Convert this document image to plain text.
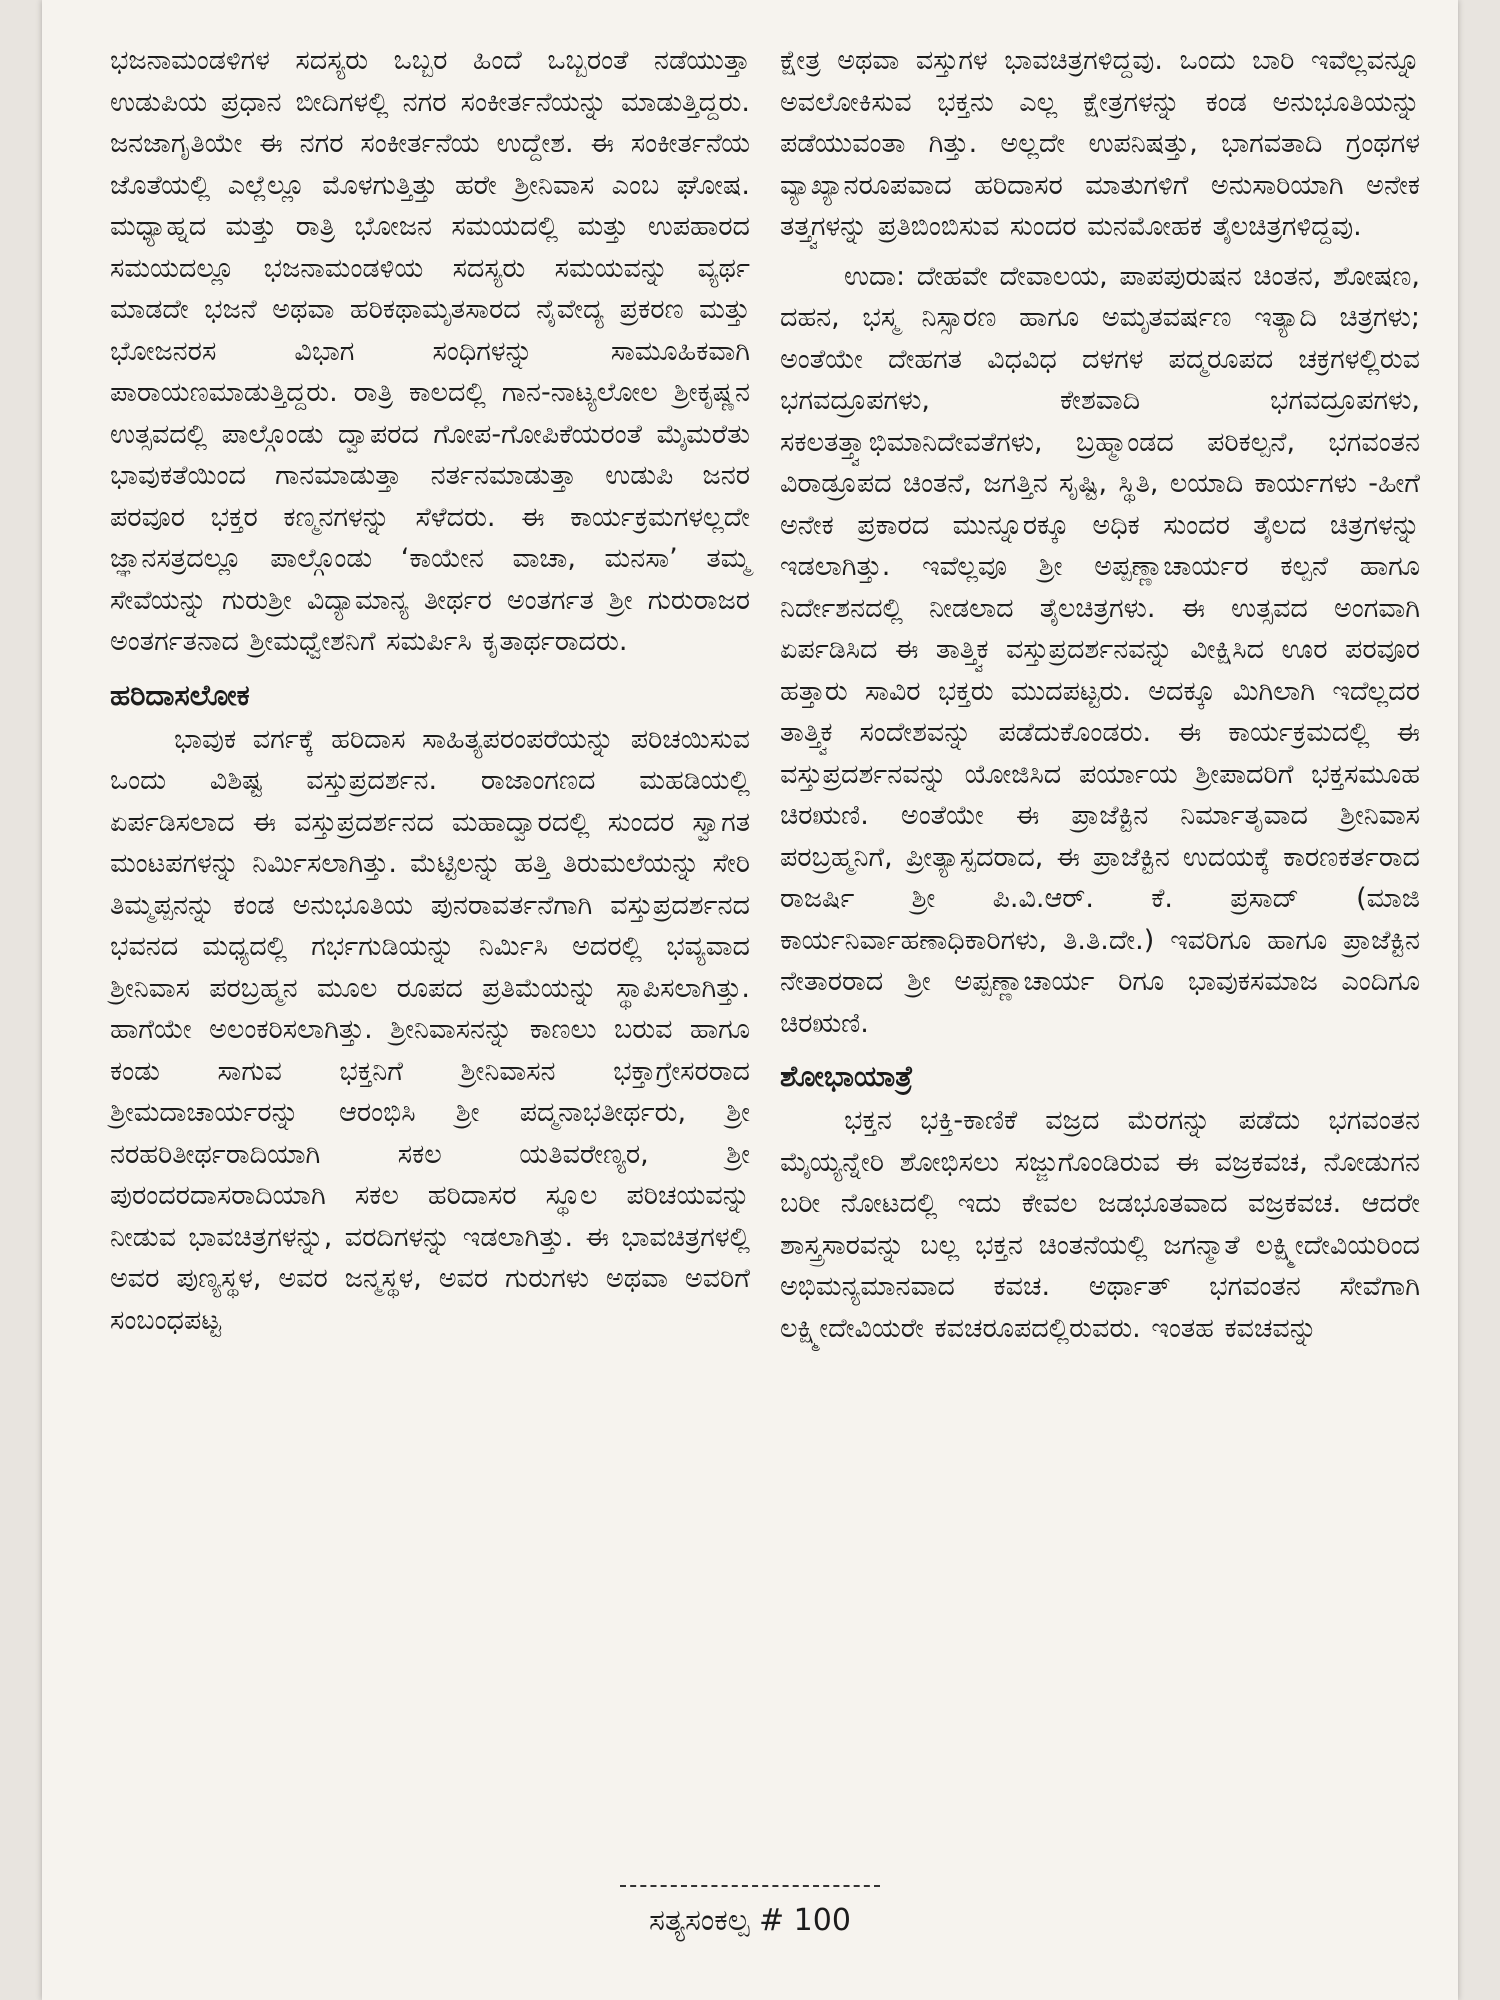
ಭಜನಾಮಂಡಳಿಗಳ ಸದಸ್ಯರು ಒಬ್ಬರ ಹಿಂದೆ ಒಬ್ಬರಂತೆ ನಡೆಯುತ್ತಾ ಉಡುಪಿಯ ಪ್ರಧಾನ ಬೀದಿಗಳಲ್ಲಿ ನಗರ ಸಂಕೀರ್ತನೆಯನ್ನು ಮಾಡುತ್ತಿದ್ದರು. ಜನಜಾಗೃತಿಯೇ ಈ ನಗರ ಸಂಕೀರ್ತನೆಯ ಉದ್ದೇಶ. ಈ ಸಂಕೀರ್ತನೆಯ ಜೊತೆಯಲ್ಲಿ ಎಲ್ಲೆಲ್ಲೂ ಮೊಳಗುತ್ತಿತ್ತು ಹರೇ ಶ್ರೀನಿವಾಸ ಎಂಬ ಘೋಷ. ಮಧ್ಯಾಹ್ನದ ಮತ್ತು ರಾತ್ರಿ ಭೋಜನ ಸಮಯದಲ್ಲಿ ಮತ್ತು ಉಪಹಾರದ ಸಮಯದಲ್ಲೂ ಭಜನಾಮಂಡಳಿಯ ಸದಸ್ಯರು ಸಮಯವನ್ನು ವ್ಯರ್ಥ ಮಾಡದೇ ಭಜನೆ ಅಥವಾ ಹರಿಕಥಾಮೃತಸಾರದ ನೈವೇದ್ಯ ಪ್ರಕರಣ ಮತ್ತು ಭೋಜನರಸ ವಿಭಾಗ ಸಂಧಿಗಳನ್ನು ಸಾಮೂಹಿಕವಾಗಿ ಪಾರಾಯಣಮಾಡುತ್ತಿದ್ದರು. ರಾತ್ರಿ ಕಾಲದಲ್ಲಿ ಗಾನ-ನಾಟ್ಯಲೋಲ ಶ್ರೀಕೃಷ್ಣನ ಉತ್ಸವದಲ್ಲಿ ಪಾಲ್ಗೊಂಡು ದ್ವಾಪರದ ಗೋಪ-ಗೋಪಿಕೆಯರಂತೆ ಮೈಮರೆತು ಭಾವುಕತೆಯಿಂದ ಗಾನಮಾಡುತ್ತಾ ನರ್ತನಮಾಡುತ್ತಾ ಉಡುಪಿ ಜನರ ಪರವೂರ ಭಕ್ತರ ಕಣ್ಮನಗಳನ್ನು ಸೆಳೆದರು. ಈ ಕಾರ್ಯಕ್ರಮಗಳಲ್ಲದೇ ಜ್ಞಾನಸತ್ರದಲ್ಲೂ ಪಾಲ್ಗೊಂಡು ‘ಕಾಯೇನ ವಾಚಾ, ಮನಸಾ’ ತಮ್ಮ ಸೇವೆಯನ್ನು ಗುರುಶ್ರೀ ವಿದ್ಯಾಮಾನ್ಯ ತೀರ್ಥರ ಅಂತರ್ಗತ ಶ್ರೀ ಗುರುರಾಜರ ಅಂತರ್ಗತನಾದ ಶ್ರೀಮಧ್ವೇಶನಿಗೆ ಸಮರ್ಪಿಸಿ ಕೃತಾರ್ಥರಾದರು.

ಹರಿದಾಸಲೋಕ

ಭಾವುಕ ವರ್ಗಕ್ಕೆ ಹರಿದಾಸ ಸಾಹಿತ್ಯಪರಂಪರೆಯನ್ನು ಪರಿಚಯಿಸುವ ಒಂದು ವಿಶಿಷ್ಟ ವಸ್ತುಪ್ರದರ್ಶನ. ರಾಜಾಂಗಣದ ಮಹಡಿಯಲ್ಲಿ ಏರ್ಪಡಿಸಲಾದ ಈ ವಸ್ತುಪ್ರದರ್ಶನದ ಮಹಾದ್ವಾರದಲ್ಲಿ ಸುಂದರ ಸ್ವಾಗತ ಮಂಟಪಗಳನ್ನು ನಿರ್ಮಿಸಲಾಗಿತ್ತು. ಮೆಟ್ಟಿಲನ್ನು ಹತ್ತಿ ತಿರುಮಲೆಯನ್ನು ಸೇರಿ ತಿಮ್ಮಪ್ಪನನ್ನು ಕಂಡ ಅನುಭೂತಿಯ ಪುನರಾವರ್ತನೆಗಾಗಿ ವಸ್ತುಪ್ರದರ್ಶನದ ಭವನದ ಮಧ್ಯದಲ್ಲಿ ಗರ್ಭಗುಡಿಯನ್ನು ನಿರ್ಮಿಸಿ ಅದರಲ್ಲಿ ಭವ್ಯವಾದ ಶ್ರೀನಿವಾಸ ಪರಬ್ರಹ್ಮನ ಮೂಲ ರೂಪದ ಪ್ರತಿಮೆಯನ್ನು ಸ್ಥಾಪಿಸಲಾಗಿತ್ತು. ಹಾಗೆಯೇ ಅಲಂಕರಿಸಲಾಗಿತ್ತು. ಶ್ರೀನಿವಾಸನನ್ನು ಕಾಣಲು ಬರುವ ಹಾಗೂ ಕಂಡು ಸಾಗುವ ಭಕ್ತನಿಗೆ ಶ್ರೀನಿವಾಸನ ಭಕ್ತಾಗ್ರೇಸರರಾದ ಶ್ರೀಮದಾಚಾರ್ಯರನ್ನು ಆರಂಭಿಸಿ ಶ್ರೀ ಪದ್ಮನಾಭತೀರ್ಥರು, ಶ್ರೀ ನರಹರಿತೀರ್ಥರಾದಿಯಾಗಿ ಸಕಲ ಯತಿವರೇಣ್ಯರ, ಶ್ರೀ ಪುರಂದರದಾಸರಾದಿಯಾಗಿ ಸಕಲ ಹರಿದಾಸರ ಸ್ಥೂಲ ಪರಿಚಯವನ್ನು ನೀಡುವ ಭಾವಚಿತ್ರಗಳನ್ನು, ವರದಿಗಳನ್ನು ಇಡಲಾಗಿತ್ತು. ಈ ಭಾವಚಿತ್ರಗಳಲ್ಲಿ ಅವರ ಪುಣ್ಯಸ್ಥಳ, ಅವರ ಜನ್ಮಸ್ಥಳ, ಅವರ ಗುರುಗಳು ಅಥವಾ ಅವರಿಗೆ ಸಂಬಂಧಪಟ್ಟ

ಕ್ಷೇತ್ರ ಅಥವಾ ವಸ್ತುಗಳ ಭಾವಚಿತ್ರಗಳಿದ್ದವು. ಒಂದು ಬಾರಿ ಇವೆಲ್ಲವನ್ನೂ ಅವಲೋಕಿಸುವ ಭಕ್ತನು ಎಲ್ಲ ಕ್ಷೇತ್ರಗಳನ್ನು ಕಂಡ ಅನುಭೂತಿಯನ್ನು ಪಡೆಯುವಂತಾ ಗಿತ್ತು. ಅಲ್ಲದೇ ಉಪನಿಷತ್ತು, ಭಾಗವತಾದಿ ಗ್ರಂಥಗಳ ವ್ಯಾಖ್ಯಾನರೂಪವಾದ ಹರಿದಾಸರ ಮಾತುಗಳಿಗೆ ಅನುಸಾರಿಯಾಗಿ ಅನೇಕ ತತ್ತ್ವಗಳನ್ನು ಪ್ರತಿಬಿಂಬಿಸುವ ಸುಂದರ ಮನಮೋಹಕ ತೈಲಚಿತ್ರಗಳಿದ್ದವು.

ಉದಾ: ದೇಹವೇ ದೇವಾಲಯ, ಪಾಪಪುರುಷನ ಚಿಂತನ, ಶೋಷಣ, ದಹನ, ಭಸ್ಮ ನಿಸ್ಸಾರಣ ಹಾಗೂ ಅಮೃತವರ್ಷಣ ಇತ್ಯಾದಿ ಚಿತ್ರಗಳು; ಅಂತೆಯೇ ದೇಹಗತ ವಿಧವಿಧ ದಳಗಳ ಪದ್ಮರೂಪದ ಚಕ್ರಗಳಲ್ಲಿರುವ ಭಗವದ್ರೂಪಗಳು, ಕೇಶವಾದಿ ಭಗವದ್ರೂಪಗಳು, ಸಕಲತತ್ತ್ವಾಭಿಮಾನಿದೇವತೆಗಳು, ಬ್ರಹ್ಮಾಂಡದ ಪರಿಕಲ್ಪನೆ, ಭಗವಂತನ ವಿರಾಡ್ರೂಪದ ಚಿಂತನೆ, ಜಗತ್ತಿನ ಸೃಷ್ಟಿ, ಸ್ಥಿತಿ, ಲಯಾದಿ ಕಾರ್ಯಗಳು -ಹೀಗೆ ಅನೇಕ ಪ್ರಕಾರದ ಮುನ್ನೂರಕ್ಕೂ ಅಧಿಕ ಸುಂದರ ತೈಲದ ಚಿತ್ರಗಳನ್ನು ಇಡಲಾಗಿತ್ತು. ಇವೆಲ್ಲವೂ ಶ್ರೀ ಅಪ್ಪಣ್ಣಾಚಾರ್ಯರ ಕಲ್ಪನೆ ಹಾಗೂ ನಿರ್ದೇಶನದಲ್ಲಿ ನೀಡಲಾದ ತೈಲಚಿತ್ರಗಳು. ಈ ಉತ್ಸವದ ಅಂಗವಾಗಿ ಏರ್ಪಡಿಸಿದ ಈ ತಾತ್ತ್ವಿಕ ವಸ್ತುಪ್ರದರ್ಶನವನ್ನು ವೀಕ್ಷಿಸಿದ ಊರ ಪರವೂರ ಹತ್ತಾರು ಸಾವಿರ ಭಕ್ತರು ಮುದಪಟ್ಟರು. ಅದಕ್ಕೂ ಮಿಗಿಲಾಗಿ ಇದೆಲ್ಲದರ ತಾತ್ತ್ವಿಕ ಸಂದೇಶವನ್ನು ಪಡೆದುಕೊಂಡರು. ಈ ಕಾರ್ಯಕ್ರಮದಲ್ಲಿ ಈ ವಸ್ತುಪ್ರದರ್ಶನವನ್ನು ಯೋಜಿಸಿದ ಪರ್ಯಾಯ ಶ್ರೀಪಾದರಿಗೆ ಭಕ್ತಸಮೂಹ ಚಿರಋಣಿ. ಅಂತೆಯೇ ಈ ಪ್ರಾಜೆಕ್ಟಿನ ನಿರ್ಮಾತೃವಾದ ಶ್ರೀನಿವಾಸ ಪರಬ್ರಹ್ಮನಿಗೆ, ಪ್ರೀತ್ಯಾಸ್ಪದರಾದ, ಈ ಪ್ರಾಜೆಕ್ಟಿನ ಉದಯಕ್ಕೆ ಕಾರಣಕರ್ತರಾದ ರಾಜರ್ಷಿ ಶ್ರೀ ಪಿ.ವಿ.ಆರ್. ಕೆ. ಪ್ರಸಾದ್ (ಮಾಜಿ ಕಾರ್ಯನಿರ್ವಾಹಣಾಧಿಕಾರಿಗಳು, ತಿ.ತಿ.ದೇ.) ಇವರಿಗೂ ಹಾಗೂ ಪ್ರಾಜೆಕ್ಟಿನ ನೇತಾರರಾದ ಶ್ರೀ ಅಪ್ಪಣ್ಣಾಚಾರ್ಯ ರಿಗೂ ಭಾವುಕಸಮಾಜ ಎಂದಿಗೂ ಚಿರಋಣಿ.

ಶೋಭಾಯಾತ್ರೆ

ಭಕ್ತನ ಭಕ್ತಿ-ಕಾಣಿಕೆ ವಜ್ರದ ಮೆರಗನ್ನು ಪಡೆದು ಭಗವಂತನ ಮೈಯ್ಯನ್ನೇರಿ ಶೋಭಿಸಲು ಸಜ್ಜುಗೊಂಡಿರುವ ಈ ವಜ್ರಕವಚ, ನೋಡುಗನ ಬರೀ ನೋಟದಲ್ಲಿ ಇದು ಕೇವಲ ಜಡಭೂತವಾದ ವಜ್ರಕವಚ. ಆದರೇ ಶಾಸ್ತ್ರಸಾರವನ್ನು ಬಲ್ಲ ಭಕ್ತನ ಚಿಂತನೆಯಲ್ಲಿ ಜಗನ್ಮಾತೆ ಲಕ್ಷ್ಮೀದೇವಿಯರಿಂದ ಅಭಿಮನ್ಯಮಾನವಾದ ಕವಚ. ಅರ್ಥಾತ್ ಭಗವಂತನ ಸೇವೆಗಾಗಿ ಲಕ್ಷ್ಮೀದೇವಿಯರೇ ಕವಚರೂಪದಲ್ಲಿರುವರು. ಇಂತಹ ಕವಚವನ್ನು

ಸತ್ಯಸಂಕಲ್ಪ # 100
